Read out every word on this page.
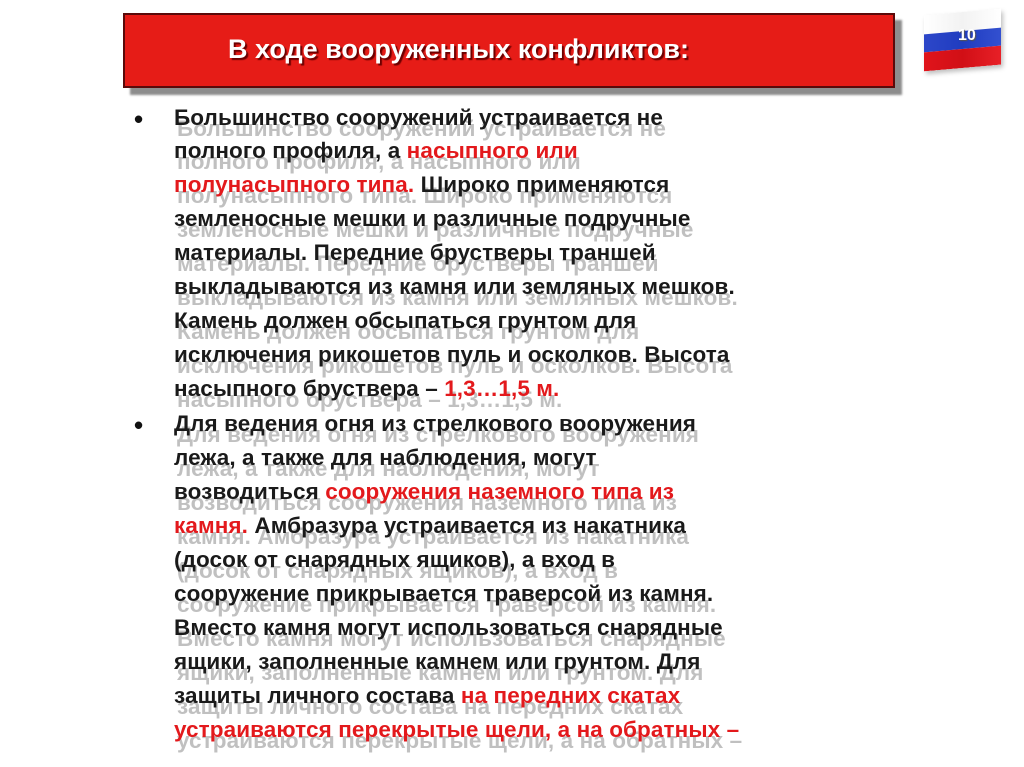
В ходе вооруженных конфликтов:	10
• Большинство сооружений устраивается не
полного профиля, а насыпного или
полунасыпного типа. Широко применяются
земленосные мешки и различные подручные
материалы. Передние брустверы траншей
выкладываются из камня или земляных мешков.
Камень должен обсыпаться грунтом для
исключения рикошетов пуль и осколков. Высота
насыпного бруствера – 1,3…1,5 м.
• Для ведения огня из стрелкового вооружения
лежа, а также для наблюдения, могут
возводиться сооружения наземного типа из
камня. Амбразура устраивается из накатника
(досок от снарядных ящиков), а вход в
сооружение прикрывается траверсой из камня.
Вместо камня могут использоваться снарядные
ящики, заполненные камнем или грунтом. Для
защиты личного состава на передних скатах
устраиваются перекрытые щели, а на обратных –
